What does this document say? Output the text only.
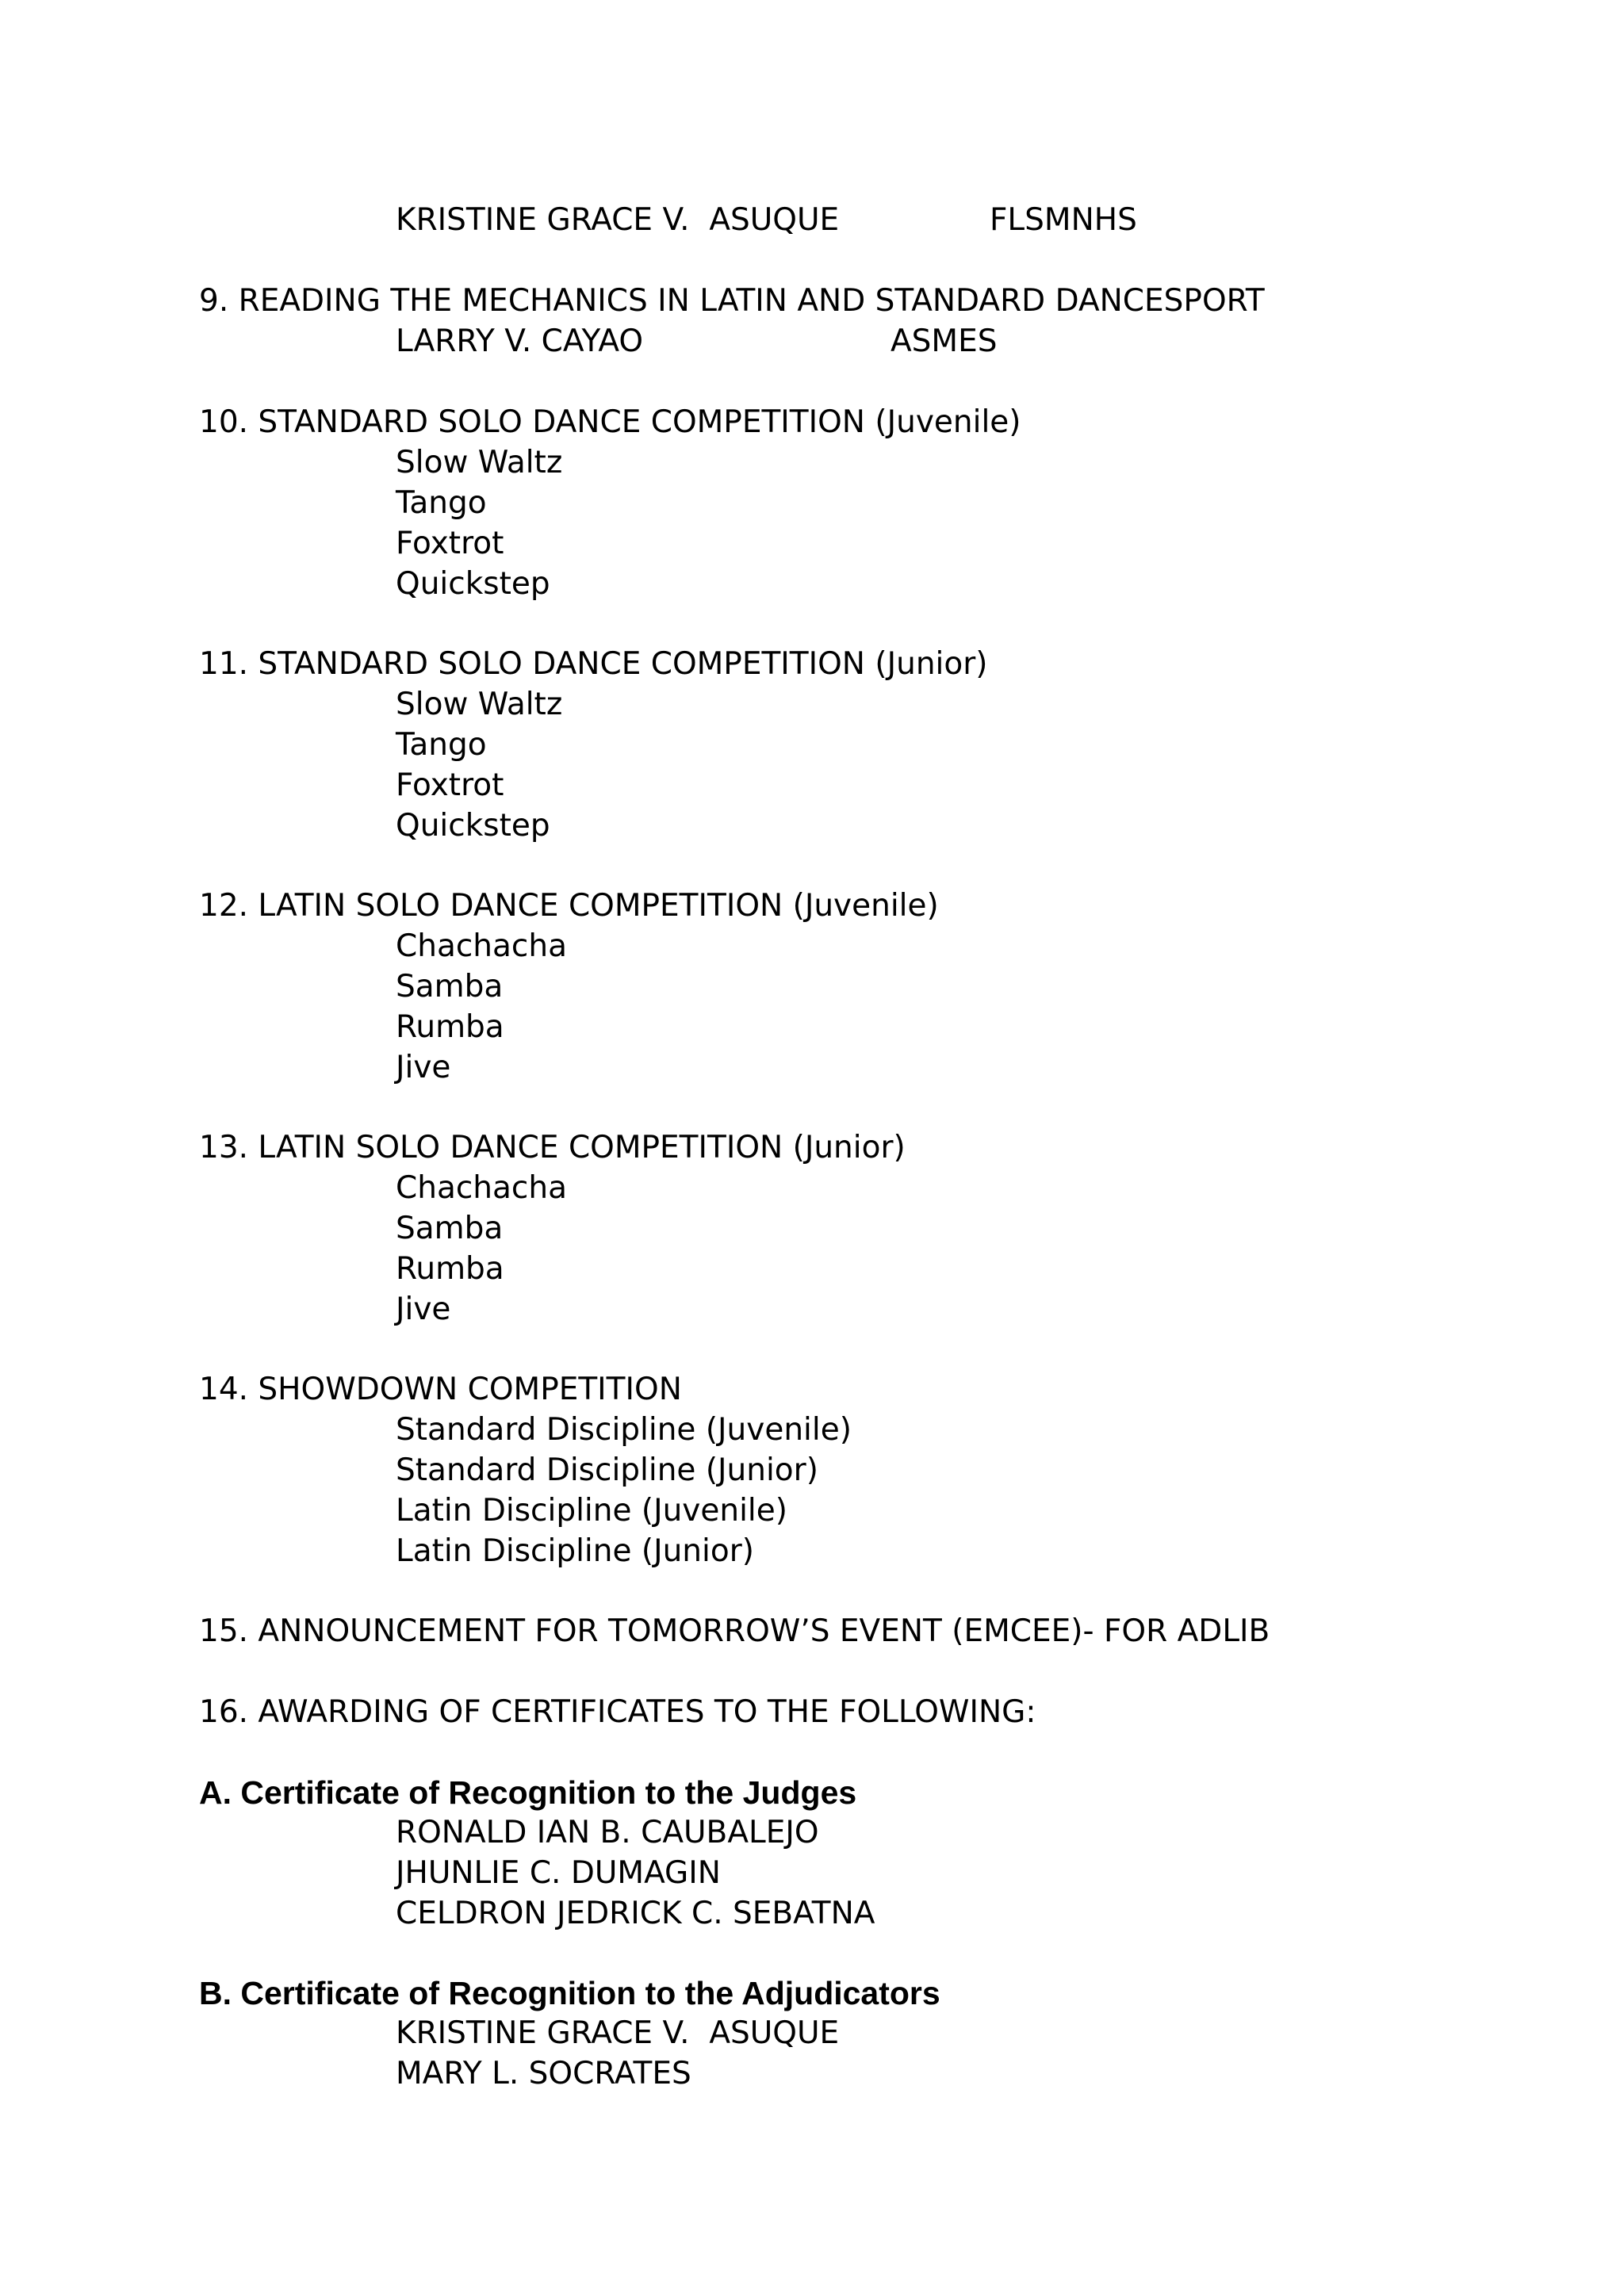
KRISTINE GRACE V.  ASUQUE	FLSMNHS
9. READING THE MECHANICS IN LATIN AND STANDARD DANCESPORT
LARRY V. CAYAO	ASMES
10. STANDARD SOLO DANCE COMPETITION (Juvenile)
Slow Waltz
Tango
Foxtrot
Quickstep
11. STANDARD SOLO DANCE COMPETITION (Junior)
Slow Waltz
Tango
Foxtrot
Quickstep
12. LATIN SOLO DANCE COMPETITION (Juvenile)
Chachacha
Samba
Rumba
Jive
13. LATIN SOLO DANCE COMPETITION (Junior)
Chachacha
Samba
Rumba
Jive
14. SHOWDOWN COMPETITION
Standard Discipline (Juvenile)
Standard Discipline (Junior)
Latin Discipline (Juvenile)
Latin Discipline (Junior)
15. ANNOUNCEMENT FOR TOMORROW’S EVENT (EMCEE)- FOR ADLIB
16. AWARDING OF CERTIFICATES TO THE FOLLOWING:
A. Certificate of Recognition to the Judges
RONALD IAN B. CAUBALEJO
JHUNLIE C. DUMAGIN
CELDRON JEDRICK C. SEBATNA
B. Certificate of Recognition to the Adjudicators
KRISTINE GRACE V.  ASUQUE
MARY L. SOCRATES
